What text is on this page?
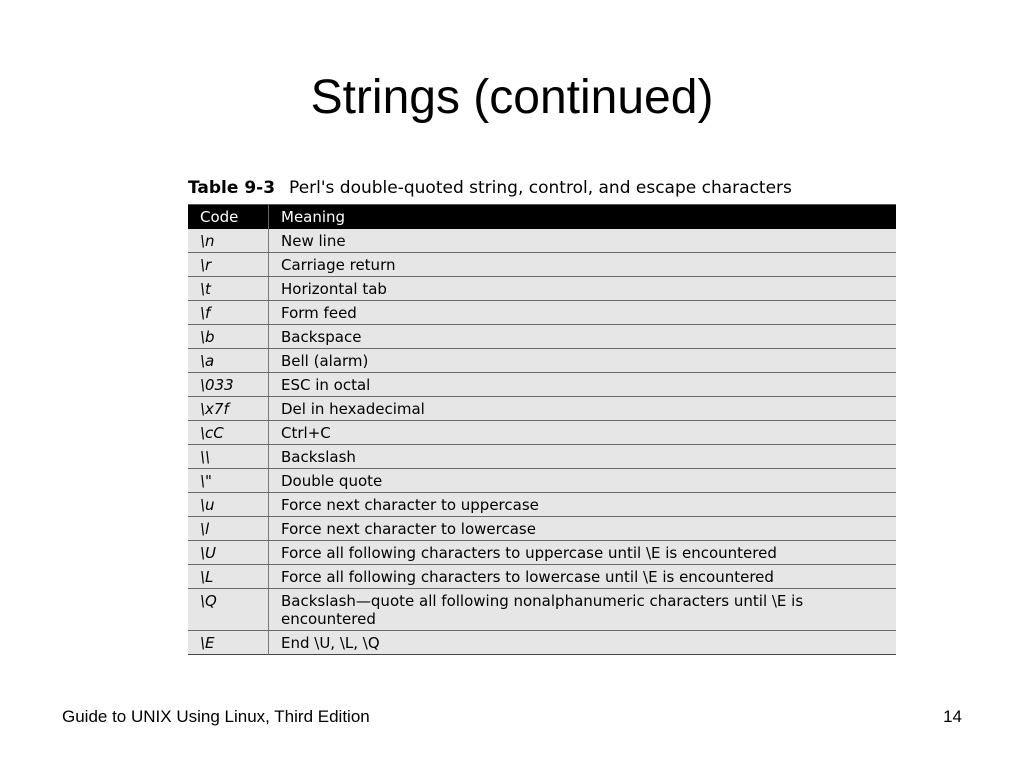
Strings (continued)
Table 9-3 Perl's double-quoted string, control, and escape characters
Code	Meaning
\n	New line
\r	Carriage return
\t	Horizontal tab
\f	Form feed
\b	Backspace
\a	Bell (alarm)
\033	ESC in octal
\x7f	Del in hexadecimal
\cC	Ctrl+C
\\	Backslash
\"	Double quote
\u	Force next character to uppercase
\l	Force next character to lowercase
\U	Force all following characters to uppercase until \E is encountered
\L	Force all following characters to lowercase until \E is encountered
\Q	Backslash—quote all following nonalphanumeric characters until \E is encountered
\E	End \U, \L, \Q
Guide to UNIX Using Linux, Third Edition	14
